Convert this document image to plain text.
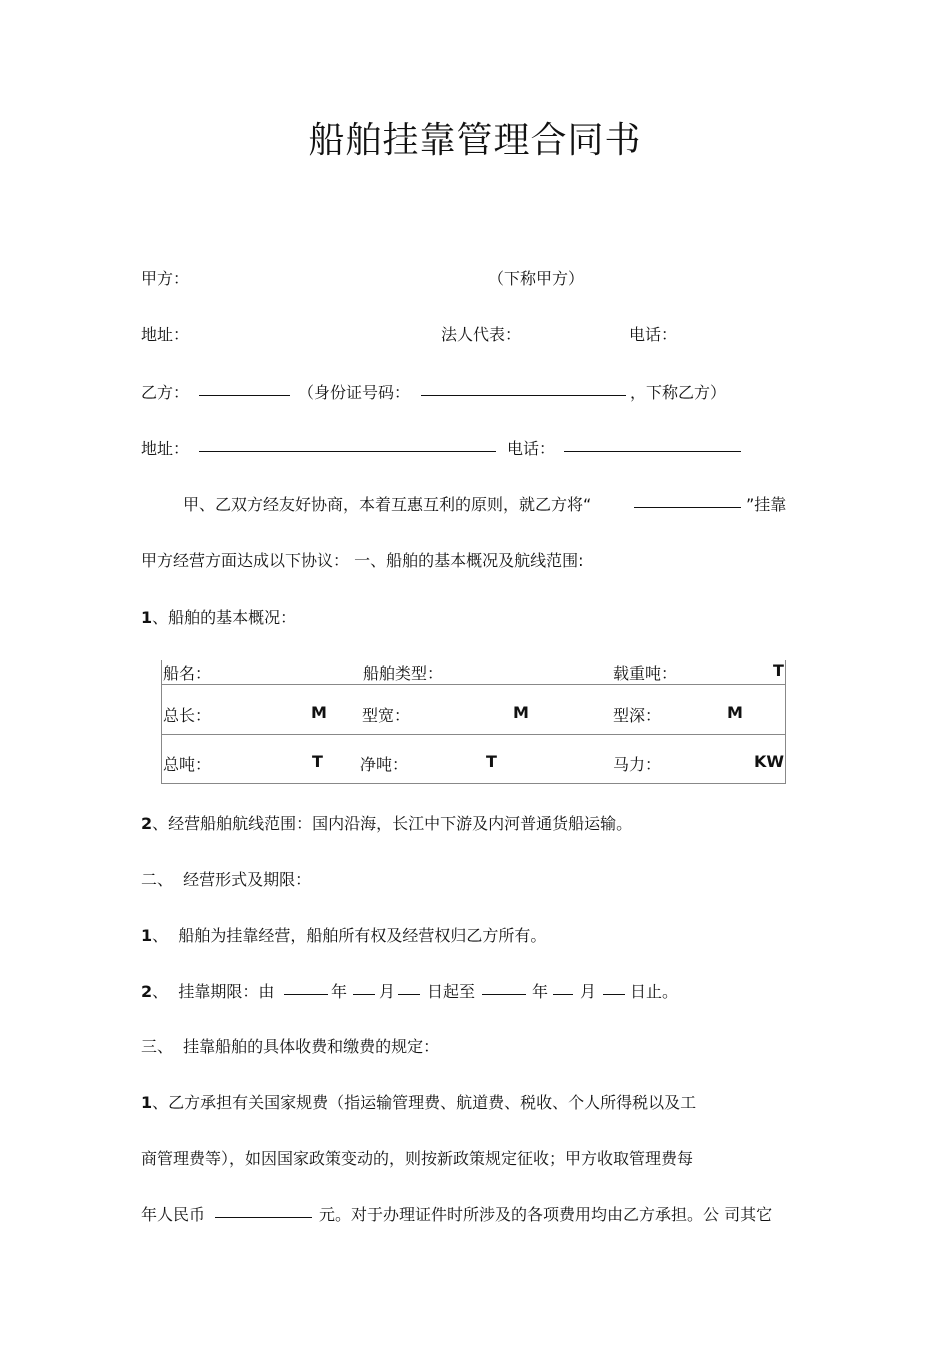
船舶挂靠管理合同书
甲方：	（下称甲方）
地址：	法人代表：	电话：
乙方：	（身份证号码：	，下称乙方）
地址：	电话：
甲、乙双方经友好协商，本着互惠互利的原则，就乙方将“	”挂靠
甲方经营方面达成以下协议： 一、船舶的基本概况及航线范围:
1、船舶的基本概况：
船名：	船舶类型：	载重吨：	T
总长：	M 型宽：	M	型深：	M
总吨：	T 净吨：	T	马力：	KW
2、经营船舶航线范围：国内沿海，长江中下游及内河普通货船运输。
二、  经营形式及期限：
1、  船舶为挂靠经营，船舶所有权及经营权归乙方所有。
2、  挂靠期限：由	年 月 日起至	年 月 日止。
三、  挂靠船舶的具体收费和缴费的规定：
1、乙方承担有关国家规费（指运输管理费、航道费、税收、个人所得税以及工
商管理费等），如因国家政策变动的，则按新政策规定征收；甲方收取管理费每
年人民币	元。对于办理证件时所涉及的各项费用均由乙方承担。公 司其它
